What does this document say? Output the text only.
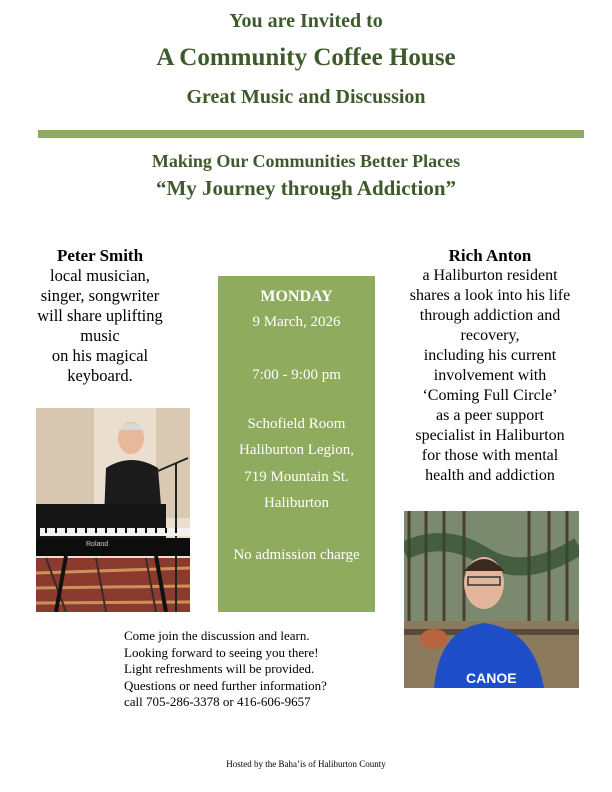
You are Invited to
A Community Coffee House
Great Music and Discussion
Making Our Communities Better Places
“My Journey through Addiction”
Peter Smith
local musician,
singer, songwriter
will share uplifting
music
on his magical
keyboard.
Rich Anton
a Haliburton resident
shares a look into his life
through addiction and
recovery,
including his current
involvement with
‘Coming Full Circle’
as a peer support
specialist in Haliburton
for those with mental
health and addiction
MONDAY
9 March, 2026
7:00 - 9:00 pm
Schofield Room
Haliburton Legion,
719 Mountain St.
Haliburton
No admission charge
Roland
CANOE
Come join the discussion and learn.
Looking forward to seeing you there!
Light refreshments will be provided.
Questions or need further information?
call 705-286-3378 or 416-606-9657
Hosted by the Baha’is of Haliburton County
